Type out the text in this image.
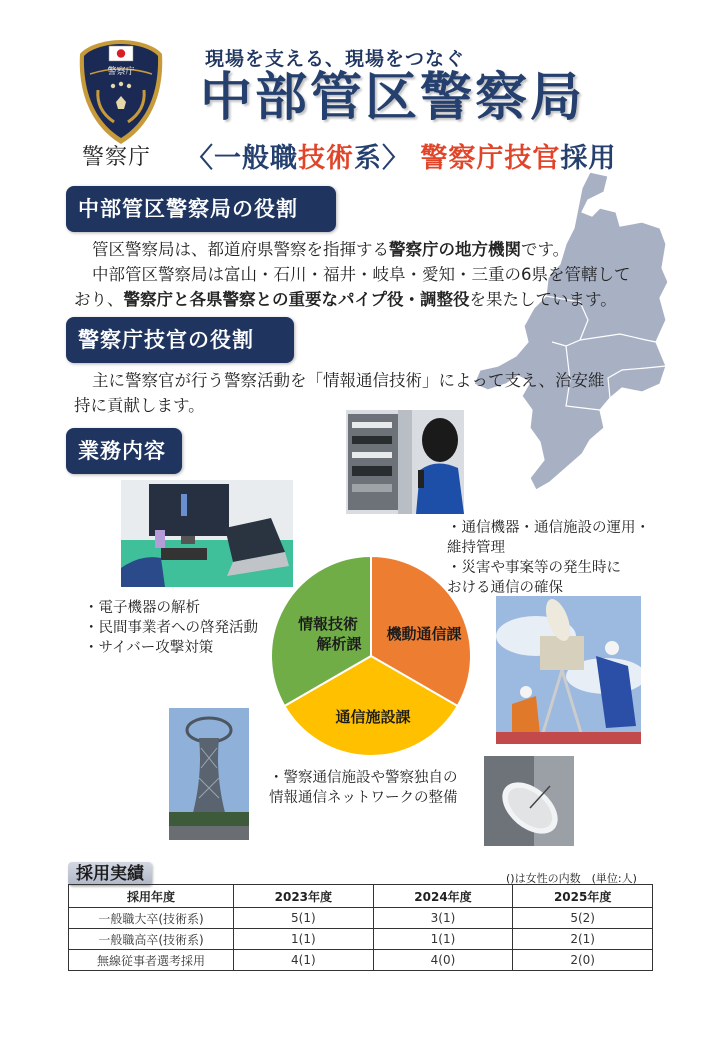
警察庁
警察庁
現場を支える、現場をつなぐ
中部管区警察局
〈一般職技術系〉 警察庁技官採用
中部管区警察局の役割
管区警察局は、都道府県警察を指揮する警察庁の地方機関です。
中部管区警察局は富山・石川・福井・岐阜・愛知・三重の6県を管轄して
おり、警察庁と各県警察との重要なパイプ役・調整役を果たしています。
警察庁技官の役割
主に警察官が行う警察活動を「情報通信技術」によって支え、治安維
持に貢献します。
業務内容
・通信機器・通信施設の運用・
維持管理
・災害や事案等の発生時に
おける通信の確保
・電子機器の解析
・民間事業者への啓発活動
・サイバー攻撃対策
・警察通信施設や警察独自の
情報通信ネットワークの整備
機動通信課
通信施設課
情報技術
解析課
採用実績	()は女性の内数　(単位:人)
採用年度	2023年度	2024年度	2025年度
一般職大卒(技術系)	5(1)	3(1)	5(2)
一般職高卒(技術系)	1(1)	1(1)	2(1)
無線従事者選考採用	4(1)	4(0)	2(0)
